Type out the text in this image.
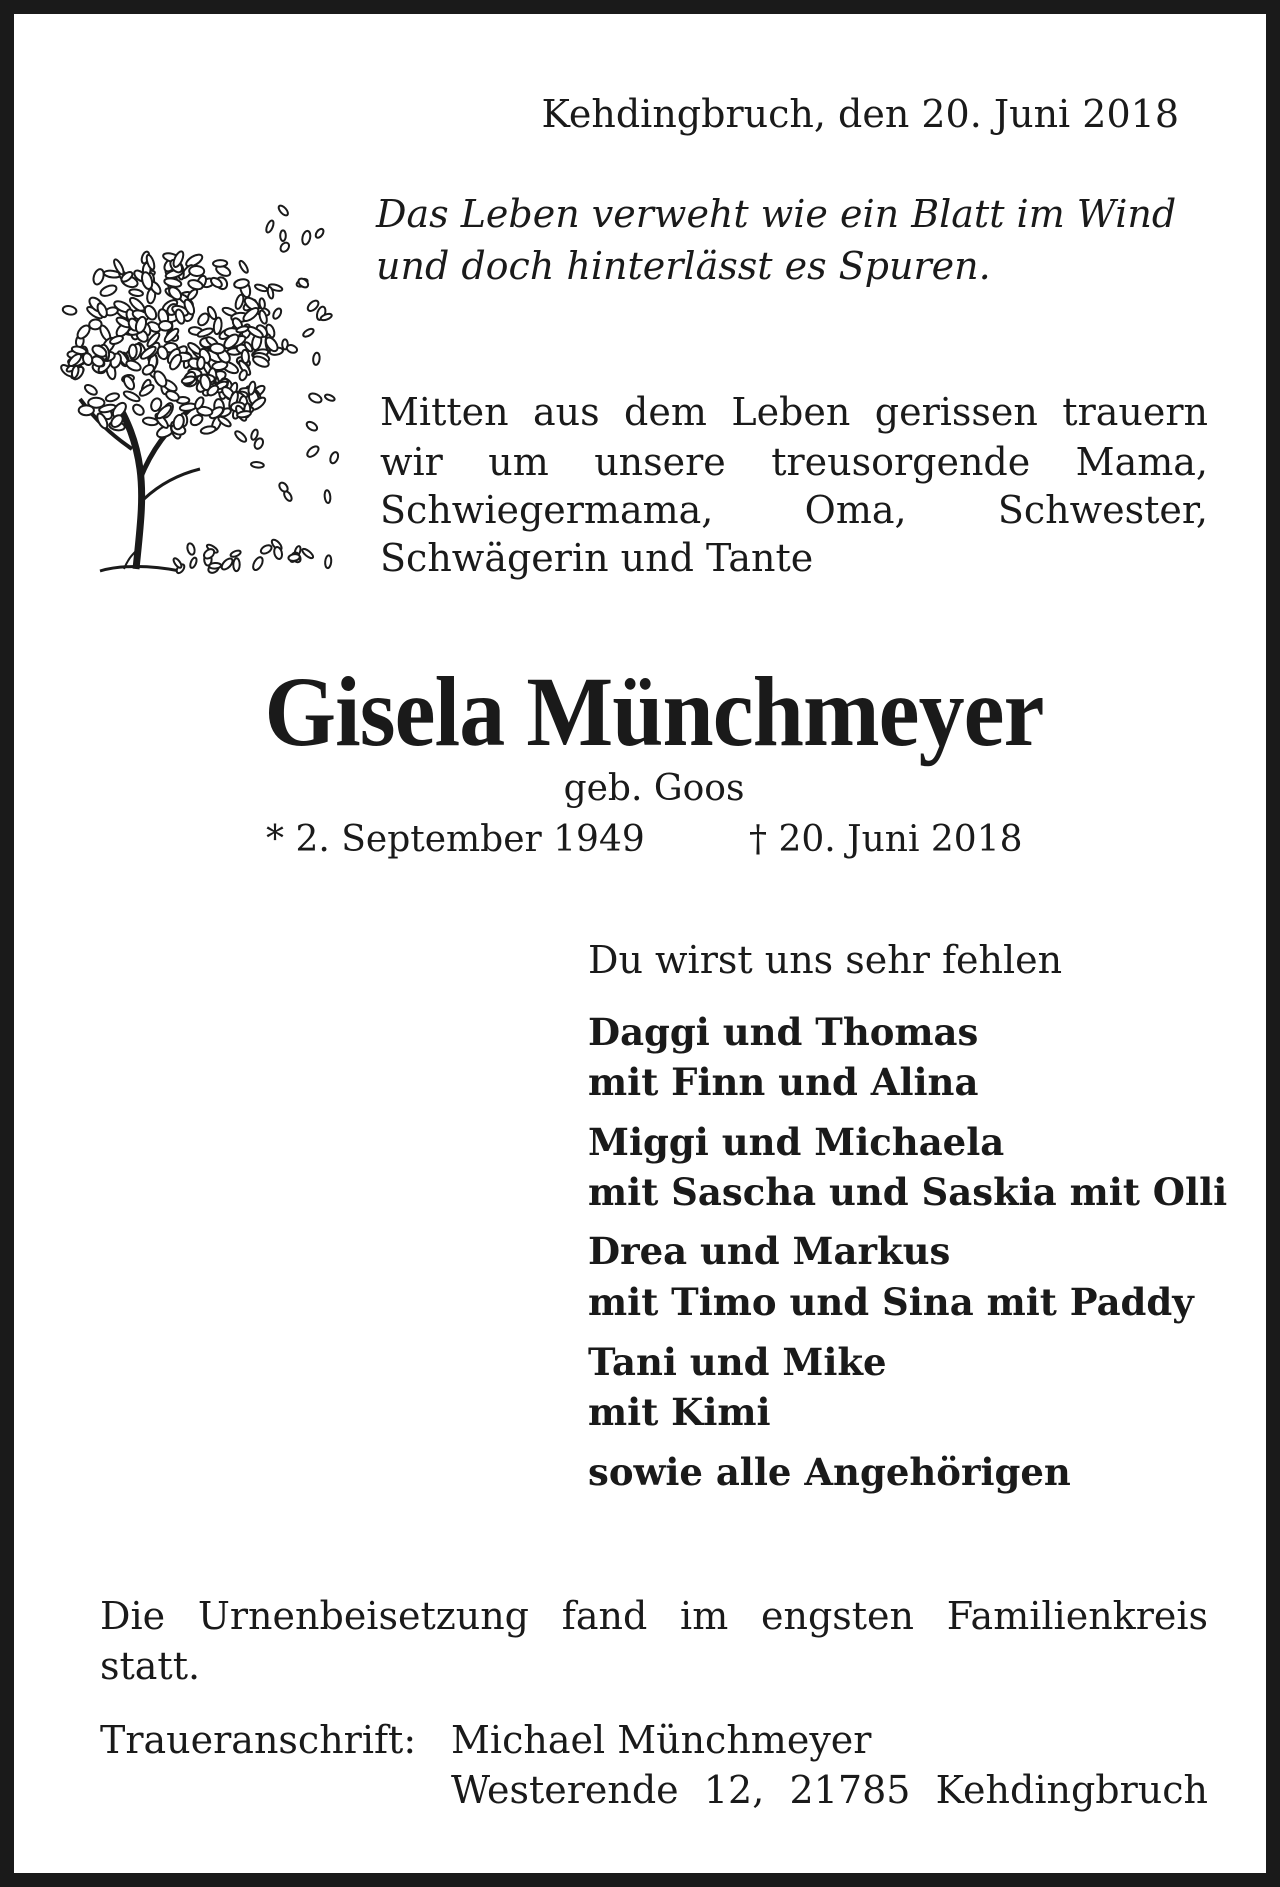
Kehdingbruch, den 20. Juni 2018
Das Leben verweht wie ein Blatt im Wind
und doch hinterlässt es Spuren.
Mitten aus dem Leben gerissen trauern
wir um unsere treusorgende Mama,
Schwiegermama, Oma, Schwester,
Schwägerin und Tante
Gisela Münchmeyer
geb. Goos
* 2. September 1949	† 20. Juni 2018
Du wirst uns sehr fehlen
Daggi und Thomas
mit Finn und Alina
Miggi und Michaela
mit Sascha und Saskia mit Olli
Drea und Markus
mit Timo und Sina mit Paddy
Tani und Mike
mit Kimi
sowie alle Angehörigen
Die Urnenbeisetzung fand im engsten Familienkreis
statt.
Traueranschrift: Michael Münchmeyer
Westerende 12, 21785 Kehdingbruch
